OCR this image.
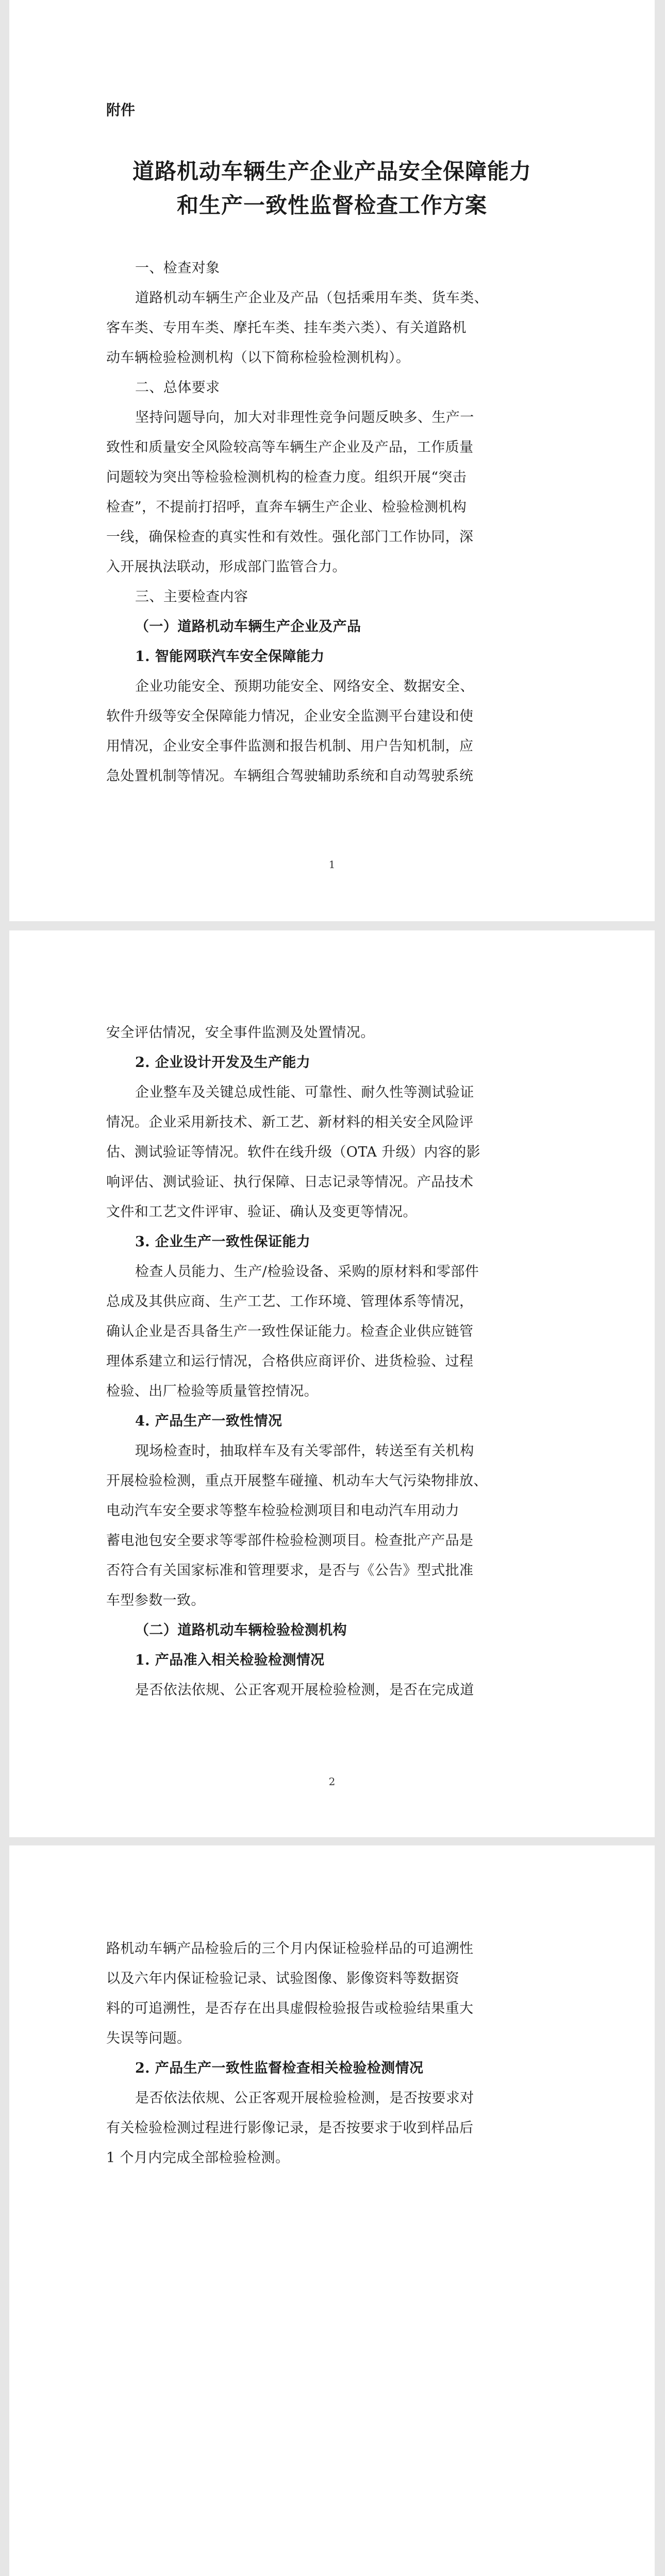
附件
道路机动车辆生产企业产品安全保障能力
和生产一致性监督检查工作方案
一、检查对象
道路机动车辆生产企业及产品（包括乘用车类、货车类、
客车类、专用车类、摩托车类、挂车类六类）、有关道路机
动车辆检验检测机构（以下简称检验检测机构）。
二、总体要求
坚持问题导向，加大对非理性竞争问题反映多、生产一
致性和质量安全风险较高等车辆生产企业及产品，工作质量
问题较为突出等检验检测机构的检查力度。组织开展“突击
检查”，不提前打招呼，直奔车辆生产企业、检验检测机构
一线，确保检查的真实性和有效性。强化部门工作协同，深
入开展执法联动，形成部门监管合力。
三、主要检查内容
（一）道路机动车辆生产企业及产品
1. 智能网联汽车安全保障能力
企业功能安全、预期功能安全、网络安全、数据安全、
软件升级等安全保障能力情况，企业安全监测平台建设和使
用情况，企业安全事件监测和报告机制、用户告知机制，应
急处置机制等情况。车辆组合驾驶辅助系统和自动驾驶系统
1
安全评估情况，安全事件监测及处置情况。
2. 企业设计开发及生产能力
企业整车及关键总成性能、可靠性、耐久性等测试验证
情况。企业采用新技术、新工艺、新材料的相关安全风险评
估、测试验证等情况。软件在线升级（OTA 升级）内容的影
响评估、测试验证、执行保障、日志记录等情况。产品技术
文件和工艺文件评审、验证、确认及变更等情况。
3. 企业生产一致性保证能力
检查人员能力、生产/检验设备、采购的原材料和零部件
总成及其供应商、生产工艺、工作环境、管理体系等情况，
确认企业是否具备生产一致性保证能力。检查企业供应链管
理体系建立和运行情况，合格供应商评价、进货检验、过程
检验、出厂检验等质量管控情况。
4. 产品生产一致性情况
现场检查时，抽取样车及有关零部件，转送至有关机构
开展检验检测，重点开展整车碰撞、机动车大气污染物排放、
电动汽车安全要求等整车检验检测项目和电动汽车用动力
蓄电池包安全要求等零部件检验检测项目。检查批产产品是
否符合有关国家标准和管理要求，是否与《公告》型式批准
车型参数一致。
（二）道路机动车辆检验检测机构
1. 产品准入相关检验检测情况
是否依法依规、公正客观开展检验检测，是否在完成道
2
路机动车辆产品检验后的三个月内保证检验样品的可追溯性
以及六年内保证检验记录、试验图像、影像资料等数据资
料的可追溯性，是否存在出具虚假检验报告或检验结果重大
失误等问题。
2. 产品生产一致性监督检查相关检验检测情况
是否依法依规、公正客观开展检验检测，是否按要求对
有关检验检测过程进行影像记录，是否按要求于收到样品后
1 个月内完成全部检验检测。
